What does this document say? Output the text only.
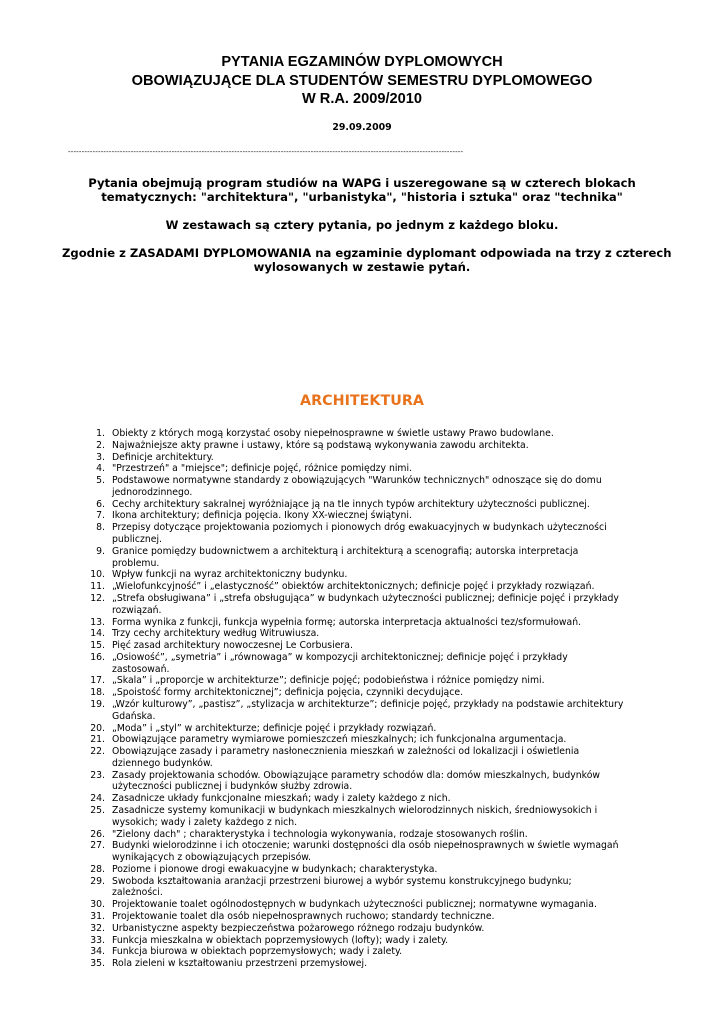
PYTANIA EGZAMINÓW DYPLOMOWYCH
OBOWIĄZUJĄCE DLA STUDENTÓW SEMESTRU DYPLOMOWEGO
W R.A. 2009/2010
29.09.2009
-------------------------------------------------------------------------------------------------------------------------------------------------
Pytania obejmują program studiów na WAPG i uszeregowane są w czterech blokach
tematycznych: "architektura", "urbanistyka", "historia i sztuka" oraz "technika"
W zestawach są cztery pytania, po jednym z każdego bloku.
Zgodnie z ZASADAMI DYPLOMOWANIA na egzaminie dyplomant odpowiada na trzy z czterech
wylosowanych w zestawie pytań.
ARCHITEKTURA
1. Obiekty z których mogą korzystać osoby niepełnosprawne w świetle ustawy Prawo budowlane.
2. Najważniejsze akty prawne i ustawy, które są podstawą wykonywania zawodu architekta.
3. Definicje architektury.
4. "Przestrzeń" a "miejsce"; definicje pojęć, różnice pomiędzy nimi.
5. Podstawowe normatywne standardy z obowiązujących "Warunków technicznych" odnoszące się do domu
jednorodzinnego.
6. Cechy architektury sakralnej wyróżniające ją na tle innych typów architektury użyteczności publicznej.
7. Ikona architektury; definicja pojęcia. Ikony XX-wiecznej świątyni.
8. Przepisy dotyczące projektowania poziomych i pionowych dróg ewakuacyjnych w budynkach użyteczności
publicznej.
9. Granice pomiędzy budownictwem a architekturą i architekturą a scenografią; autorska interpretacja
problemu.
10. Wpływ funkcji na wyraz architektoniczny budynku.
11. „Wielofunkcyjność” i „elastyczność” obiektów architektonicznych; definicje pojęć i przykłady rozwiązań.
12. „Strefa obsługiwana” i „strefa obsługująca” w budynkach użyteczności publicznej; definicje pojęć i przykłady
rozwiązań.
13. Forma wynika z funkcji, funkcja wypełnia formę; autorska interpretacja aktualności tez/sformułowań.
14. Trzy cechy architektury według Witruwiusza.
15. Pięć zasad architektury nowoczesnej Le Corbusiera.
16. „Osiowość”, „symetria” i „równowaga” w kompozycji architektonicznej; definicje pojęć i przykłady
zastosowań.
17. „Skala” i „proporcje w architekturze”; definicje pojęć; podobieństwa i różnice pomiędzy nimi.
18. „Spoistość formy architektonicznej”; definicja pojęcia, czynniki decydujące.
19. „Wzór kulturowy”, „pastisz”, „stylizacja w architekturze”; definicje pojęć, przykłady na podstawie architektury
Gdańska.
20. „Moda” i „styl” w architekturze; definicje pojęć i przykłady rozwiązań.
21. Obowiązujące parametry wymiarowe pomieszczeń mieszkalnych; ich funkcjonalna argumentacja.
22. Obowiązujące zasady i parametry nasłonecznienia mieszkań w zależności od lokalizacji i oświetlenia
dziennego budynków.
23. Zasady projektowania schodów. Obowiązujące parametry schodów dla: domów mieszkalnych, budynków
użyteczności publicznej i budynków służby zdrowia.
24. Zasadnicze układy funkcjonalne mieszkań; wady i zalety każdego z nich.
25. Zasadnicze systemy komunikacji w budynkach mieszkalnych wielorodzinnych niskich, średniowysokich i
wysokich; wady i zalety każdego z nich.
26. "Zielony dach" ; charakterystyka i technologia wykonywania, rodzaje stosowanych roślin.
27. Budynki wielorodzinne i ich otoczenie; warunki dostępności dla osób niepełnosprawnych w świetle wymagań
wynikających z obowiązujących przepisów.
28. Poziome i pionowe drogi ewakuacyjne w budynkach; charakterystyka.
29. Swoboda kształtowania aranżacji przestrzeni biurowej a wybór systemu konstrukcyjnego budynku;
zależności.
30. Projektowanie toalet ogólnodostępnych w budynkach użyteczności publicznej; normatywne wymagania.
31. Projektowanie toalet dla osób niepełnosprawnych ruchowo; standardy techniczne.
32. Urbanistyczne aspekty bezpieczeństwa pożarowego różnego rodzaju budynków.
33. Funkcja mieszkalna w obiektach poprzemysłowych (lofty); wady i zalety.
34. Funkcja biurowa w obiektach poprzemysłowych; wady i zalety.
35. Rola zieleni w kształtowaniu przestrzeni przemysłowej.
